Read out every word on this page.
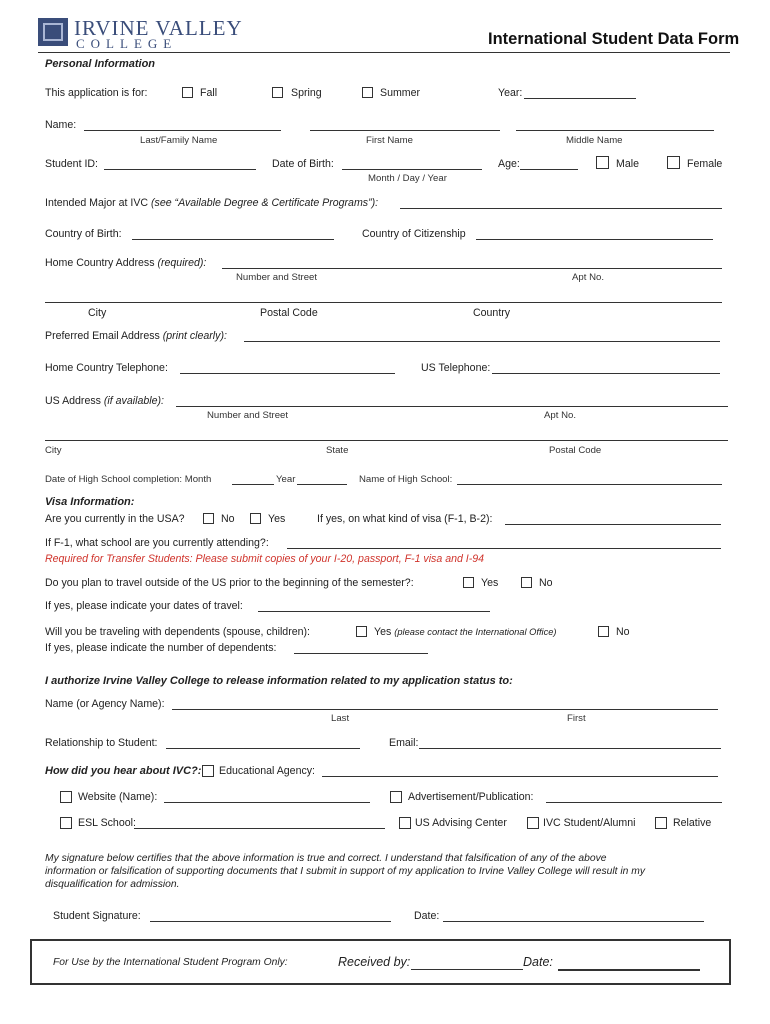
IRVINE VALLEY
COLLEGE	International Student Data Form
Personal Information
This application is for:	Fall	Spring	Summer	Year:
Name:
Last/Family Name	First Name	Middle Name
Student ID:	Date of Birth:	Age:	Male	Female
Month / Day / Year
Intended Major at IVC (see “Available Degree & Certificate Programs”):
Country of Birth:	Country of Citizenship
Home Country Address (required):
Number and Street	Apt No.
City	Postal Code	Country
Preferred Email Address (print clearly):
Home Country Telephone:	US Telephone:
US Address (if available):
Number and Street	Apt No.
City	State	Postal Code
Date of High School completion: Month	Year	Name of High School:
Visa Information:
Are you currently in the USA?	No	Yes	If yes, on what kind of visa (F-1, B-2):
If F-1, what school are you currently attending?:
Required for Transfer Students: Please submit copies of your I-20, passport, F-1 visa and I-94
Do you plan to travel outside of the US prior to the beginning of the semester?:	Yes	No
If yes, please indicate your dates of travel:
Will you be traveling with dependents (spouse, children):	Yes (please contact the International Office)	No
If yes, please indicate the number of dependents:
I authorize Irvine Valley College to release information related to my application status to:
Name (or Agency Name):
Last	First
Relationship to Student:	Email:
How did you hear about IVC?: Educational Agency:
Website (Name):	Advertisement/Publication:
ESL School:	US Advising Center	IVC Student/Alumni	Relative
My signature below certifies that the above information is true and correct. I understand that falsification of any of the above
information or falsification of supporting documents that I submit in support of my application to Irvine Valley College will result in my
disqualification for admission.
Student Signature:	Date:
For Use by the International Student Program Only:	Received by:	Date:
